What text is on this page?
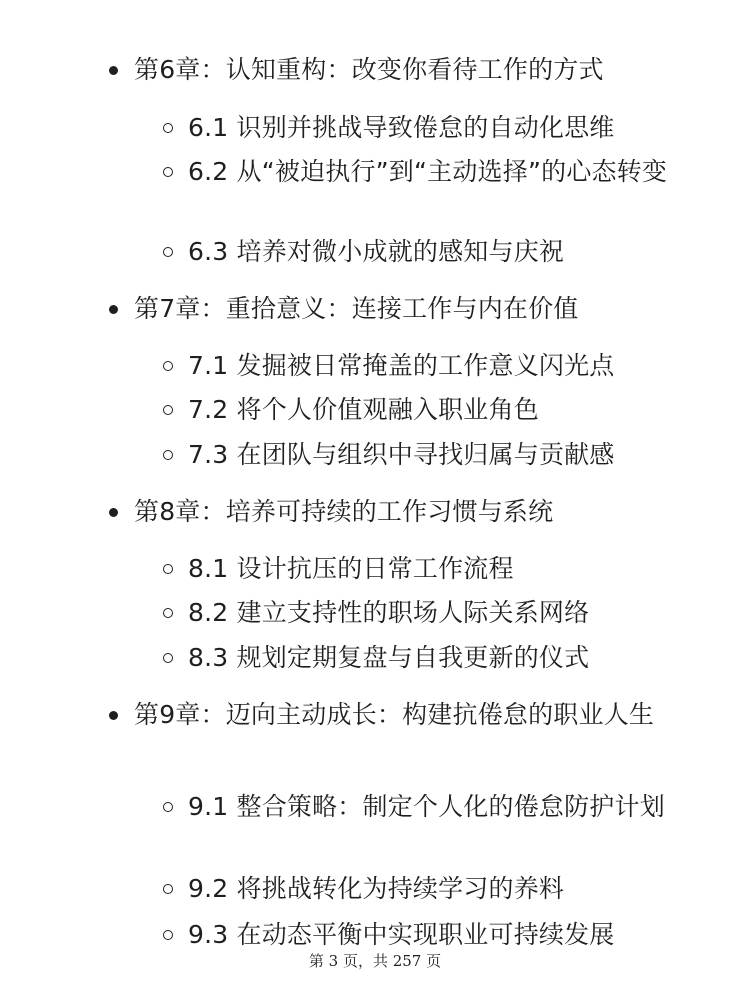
第6章：认知重构：改变你看待工作的方式
6.1 识别并挑战导致倦怠的自动化思维
6.2 从“被迫执行”到“主动选择”的心态转变
6.3 培养对微小成就的感知与庆祝
第7章：重拾意义：连接工作与内在价值
7.1 发掘被日常掩盖的工作意义闪光点
7.2 将个人价值观融入职业角色
7.3 在团队与组织中寻找归属与贡献感
第8章：培养可持续的工作习惯与系统
8.1 设计抗压的日常工作流程
8.2 建立支持性的职场人际关系网络
8.3 规划定期复盘与自我更新的仪式
第9章：迈向主动成长：构建抗倦怠的职业人生
9.1 整合策略：制定个人化的倦怠防护计划
9.2 将挑战转化为持续学习的养料
9.3 在动态平衡中实现职业可持续发展
第 3 页，共 257 页
